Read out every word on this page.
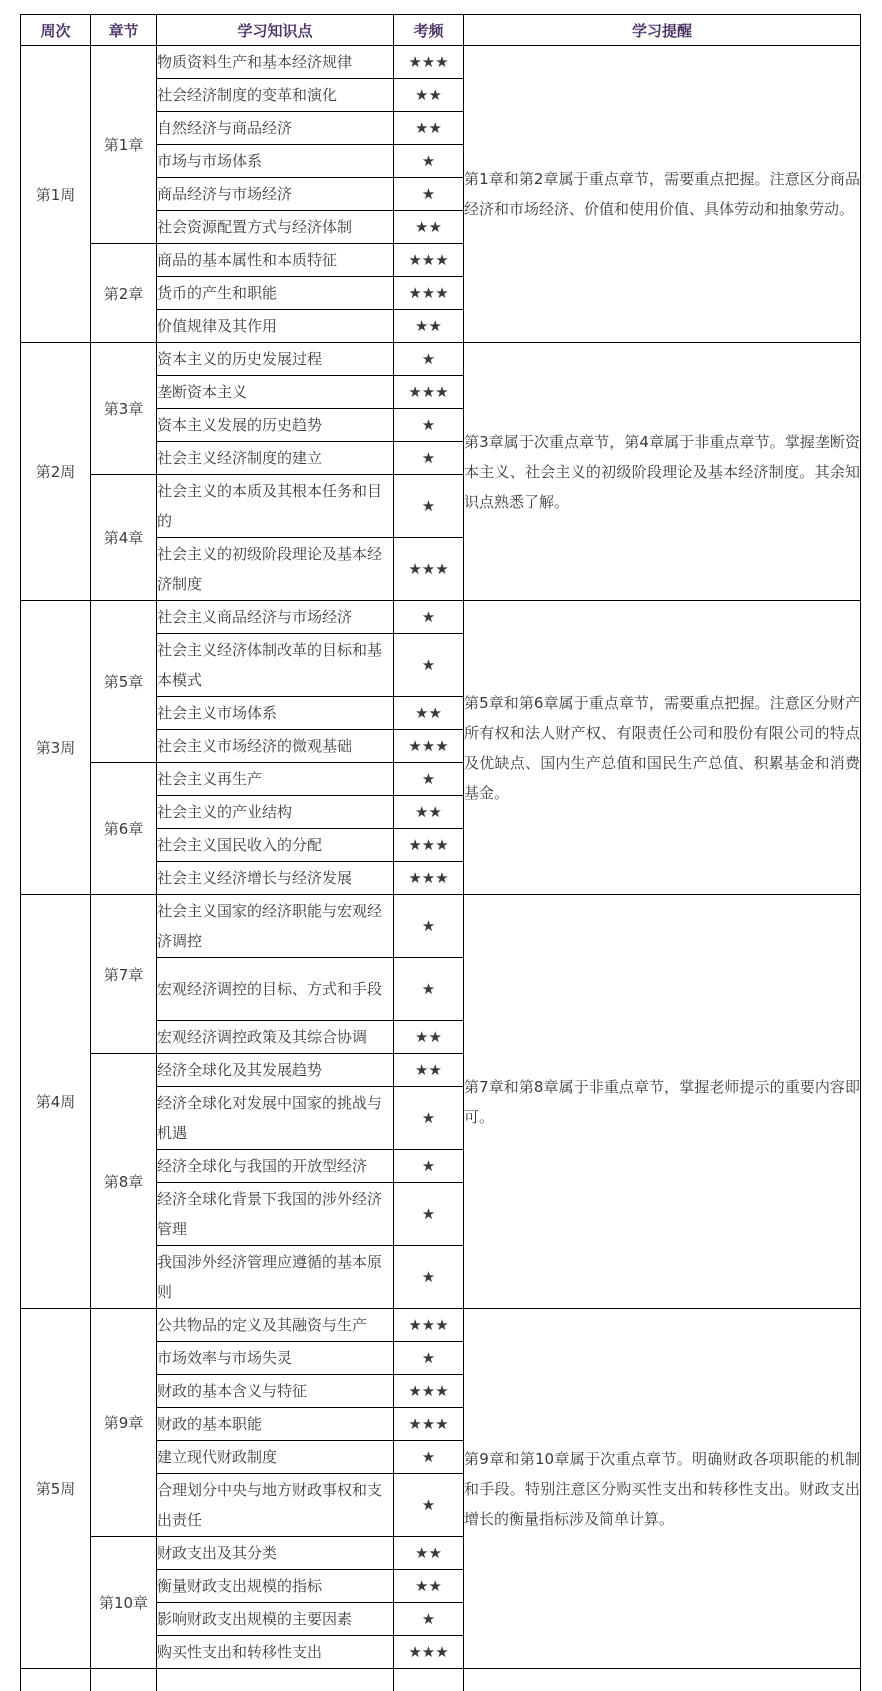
周次	章节	学习知识点	考频	学习提醒
第1周	第1章	物质资料生产和基本经济规律	★★★	第1章和第2章属于重点章节，需要重点把握。注意区分商品经济和市场经济、价值和使用价值、具体劳动和抽象劳动。
		社会经济制度的变革和演化	★★	
		自然经济与商品经济	★★	
		市场与市场体系	★	
		商品经济与市场经济	★	
		社会资源配置方式与经济体制	★★	
	第2章	商品的基本属性和本质特征	★★★	
		货币的产生和职能	★★★	
		价值规律及其作用	★★	
第2周	第3章	资本主义的历史发展过程	★	第3章属于次重点章节，第4章属于非重点章节。掌握垄断资本主义、社会主义的初级阶段理论及基本经济制度。其余知识点熟悉了解。
		垄断资本主义	★★★	
		资本主义发展的历史趋势	★	
		社会主义经济制度的建立	★	
	第4章	社会主义的本质及其根本任务和目的	★	
		社会主义的初级阶段理论及基本经济制度	★★★	
第3周	第5章	社会主义商品经济与市场经济	★	第5章和第6章属于重点章节，需要重点把握。注意区分财产所有权和法人财产权、有限责任公司和股份有限公司的特点及优缺点、国内生产总值和国民生产总值、积累基金和消费基金。
		社会主义经济体制改革的目标和基本模式	★	
		社会主义市场体系	★★	
		社会主义市场经济的微观基础	★★★	
	第6章	社会主义再生产	★	
		社会主义的产业结构	★★	
		社会主义国民收入的分配	★★★	
		社会主义经济增长与经济发展	★★★	
第4周	第7章	社会主义国家的经济职能与宏观经济调控	★	第7章和第8章属于非重点章节，掌握老师提示的重要内容即可。
		宏观经济调控的目标、方式和手段	★	
		宏观经济调控政策及其综合协调	★★	
	第8章	经济全球化及其发展趋势	★★	
		经济全球化对发展中国家的挑战与机遇	★	
		经济全球化与我国的开放型经济	★	
		经济全球化背景下我国的涉外经济管理	★	
		我国涉外经济管理应遵循的基本原则	★	
第5周	第9章	公共物品的定义及其融资与生产	★★★	第9章和第10章属于次重点章节。明确财政各项职能的机制和手段。特别注意区分购买性支出和转移性支出。财政支出增长的衡量指标涉及简单计算。
		市场效率与市场失灵	★	
		财政的基本含义与特征	★★★	
		财政的基本职能	★★★	
		建立现代财政制度	★	
		合理划分中央与地方财政事权和支出责任	★	
	第10章	财政支出及其分类	★★	
		衡量财政支出规模的指标	★★	
		影响财政支出规模的主要因素	★	
		购买性支出和转移性支出	★★★	
